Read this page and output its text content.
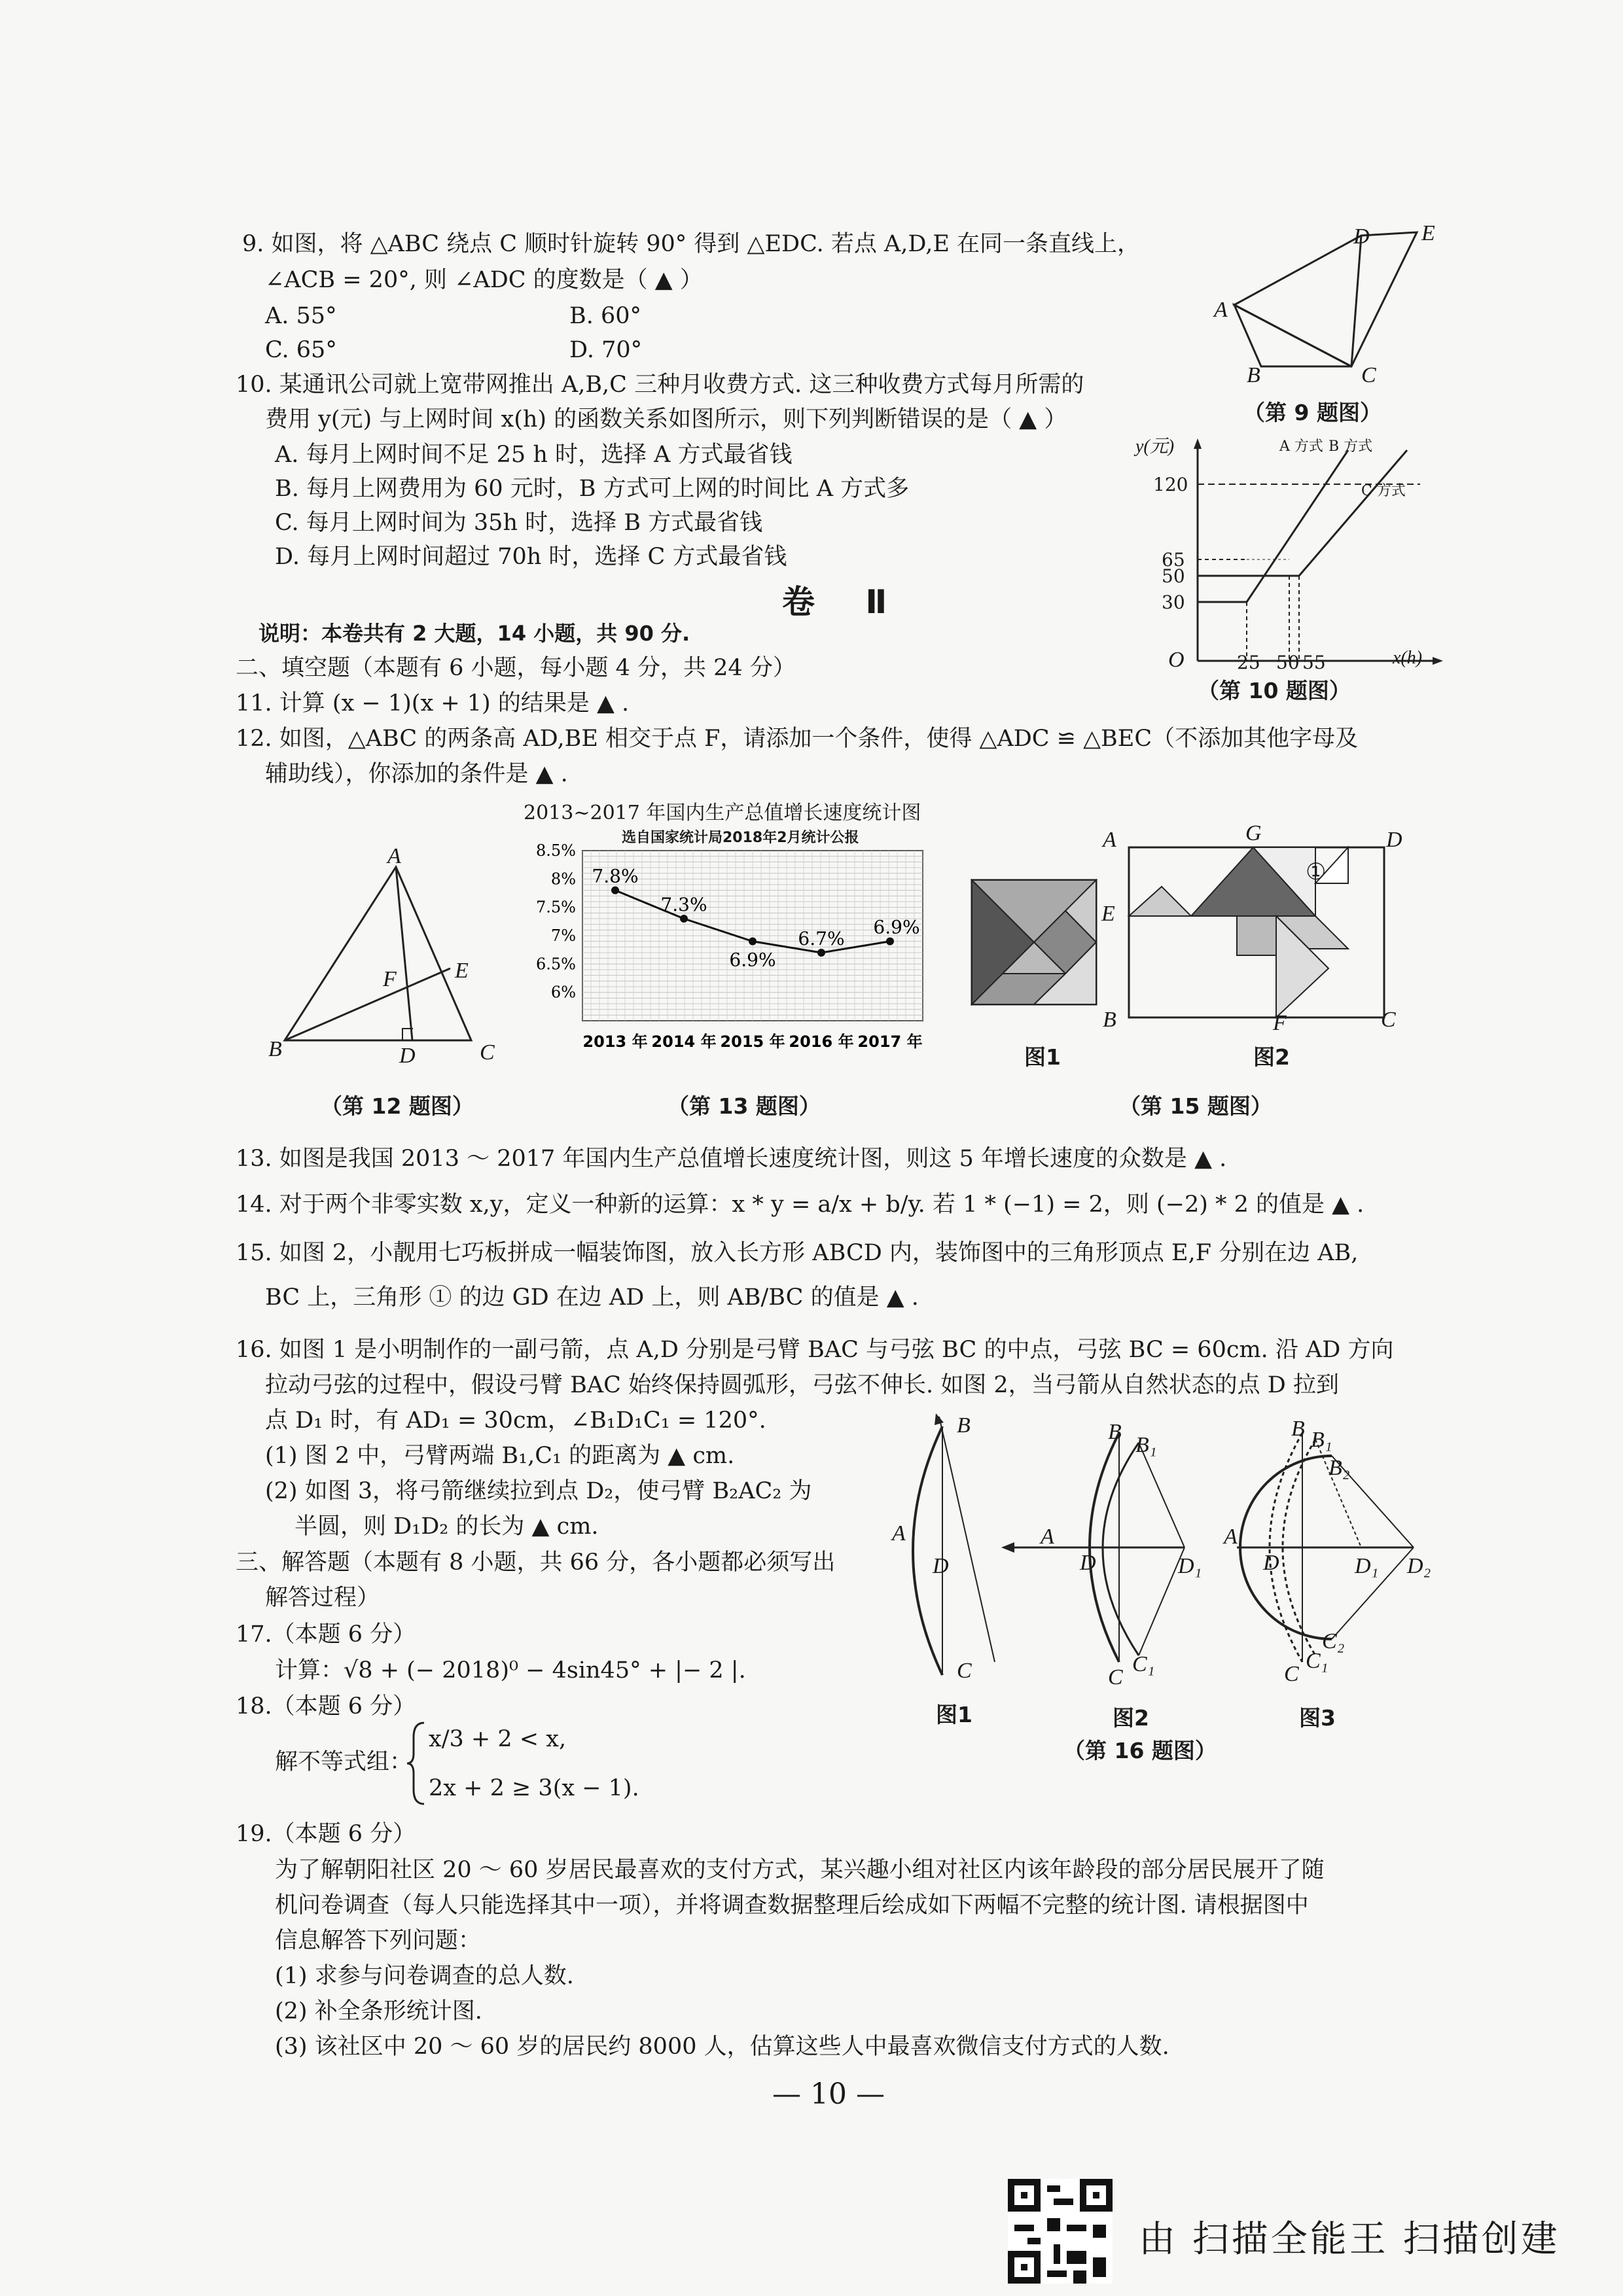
9. 如图，将 △ABC 绕点 C 顺时针旋转 90° 得到 △EDC. 若点 A,D,E 在同一条直线上，
∠ACB = 20°, 则 ∠ADC 的度数是（ ▲ ）
A. 55°	B. 60°
C. 65°	D. 70°
A
B	C
D E
（第 9 题图）
10. 某通讯公司就上宽带网推出 A,B,C 三种月收费方式. 这三种收费方式每月所需的
费用 y(元) 与上网时间 x(h) 的函数关系如图所示，则下列判断错误的是（ ▲ ）
A. 每月上网时间不足 25 h 时，选择 A 方式最省钱
B. 每月上网费用为 60 元时，B 方式可上网的时间比 A 方式多
C. 每月上网时间为 35h 时，选择 B 方式最省钱
D. 每月上网时间超过 70h 时，选择 C 方式最省钱
y(元)
x(h)
O
120
65
50
30
25 50 55
A 方式 B 方式
C 方式
（第 10 题图）
卷 Ⅱ
说明：本卷共有 2 大题，14 小题，共 90 分.
二、填空题（本题有 6 小题，每小题 4 分，共 24 分）
11. 计算 (x − 1)(x + 1) 的结果是 ▲ .
12. 如图，△ABC 的两条高 AD,BE 相交于点 F，请添加一个条件，使得 △ADC ≌ △BEC（不添加其他字母及
辅助线），你添加的条件是 ▲ .
A
B	D	C
E
F
（第 12 题图）
2013~2017 年国内生产总值增长速度统计图
选自国家统计局2018年2月统计公报
8.5%
8%
7.5%
7%
6.5%
6%
2013 年 2014 年 2015 年 2016 年 2017 年
7.8%
7.3%
6.9%
6.7%
6.9%
（第 13 题图）
图1
A	G	D
E
B	F	C
①
图2
（第 15 题图）
13. 如图是我国 2013 ～ 2017 年国内生产总值增长速度统计图，则这 5 年增长速度的众数是 ▲ .
14. 对于两个非零实数 x,y，定义一种新的运算：x * y = a/x + b/y. 若 1 * (−1) = 2，则 (−2) * 2 的值是 ▲ .
15. 如图 2，小靓用七巧板拼成一幅装饰图，放入长方形 ABCD 内，装饰图中的三角形顶点 E,F 分别在边 AB,
BC 上，三角形 ① 的边 GD 在边 AD 上，则 AB/BC 的值是 ▲ .
16. 如图 1 是小明制作的一副弓箭，点 A,D 分别是弓臂 BAC 与弓弦 BC 的中点，弓弦 BC = 60cm. 沿 AD 方向
拉动弓弦的过程中，假设弓臂 BAC 始终保持圆弧形，弓弦不伸长. 如图 2，当弓箭从自然状态的点 D 拉到
点 D₁ 时，有 AD₁ = 30cm，∠B₁D₁C₁ = 120°.
(1) 图 2 中，弓臂两端 B₁,C₁ 的距离为 ▲ cm.
(2) 如图 3，将弓箭继续拉到点 D₂，使弓臂 B₂AC₂ 为
半圆，则 D₁D₂ 的长为 ▲ cm.
B
A
D
C
图1
B
B₁
A
D	D₁
C
C₁
图2
B B₁
B₂
A
D	D₁ D₂
C₂
C₁
C
图3
（第 16 题图）
三、解答题（本题有 8 小题，共 66 分，各小题都必须写出
解答过程）
17.（本题 6 分）
计算：√8 + (− 2018)⁰ − 4sin45° + |− 2 |.
18.（本题 6 分）
解不等式组：
x/3 + 2 < x,
2x + 2 ≥ 3(x − 1).
19.（本题 6 分）
为了解朝阳社区 20 ～ 60 岁居民最喜欢的支付方式，某兴趣小组对社区内该年龄段的部分居民展开了随
机问卷调查（每人只能选择其中一项），并将调查数据整理后绘成如下两幅不完整的统计图. 请根据图中
信息解答下列问题：
(1) 求参与问卷调查的总人数.
(2) 补全条形统计图.
(3) 该社区中 20 ～ 60 岁的居民约 8000 人，估算这些人中最喜欢微信支付方式的人数.
— 10 —
由 扫描全能王 扫描创建
